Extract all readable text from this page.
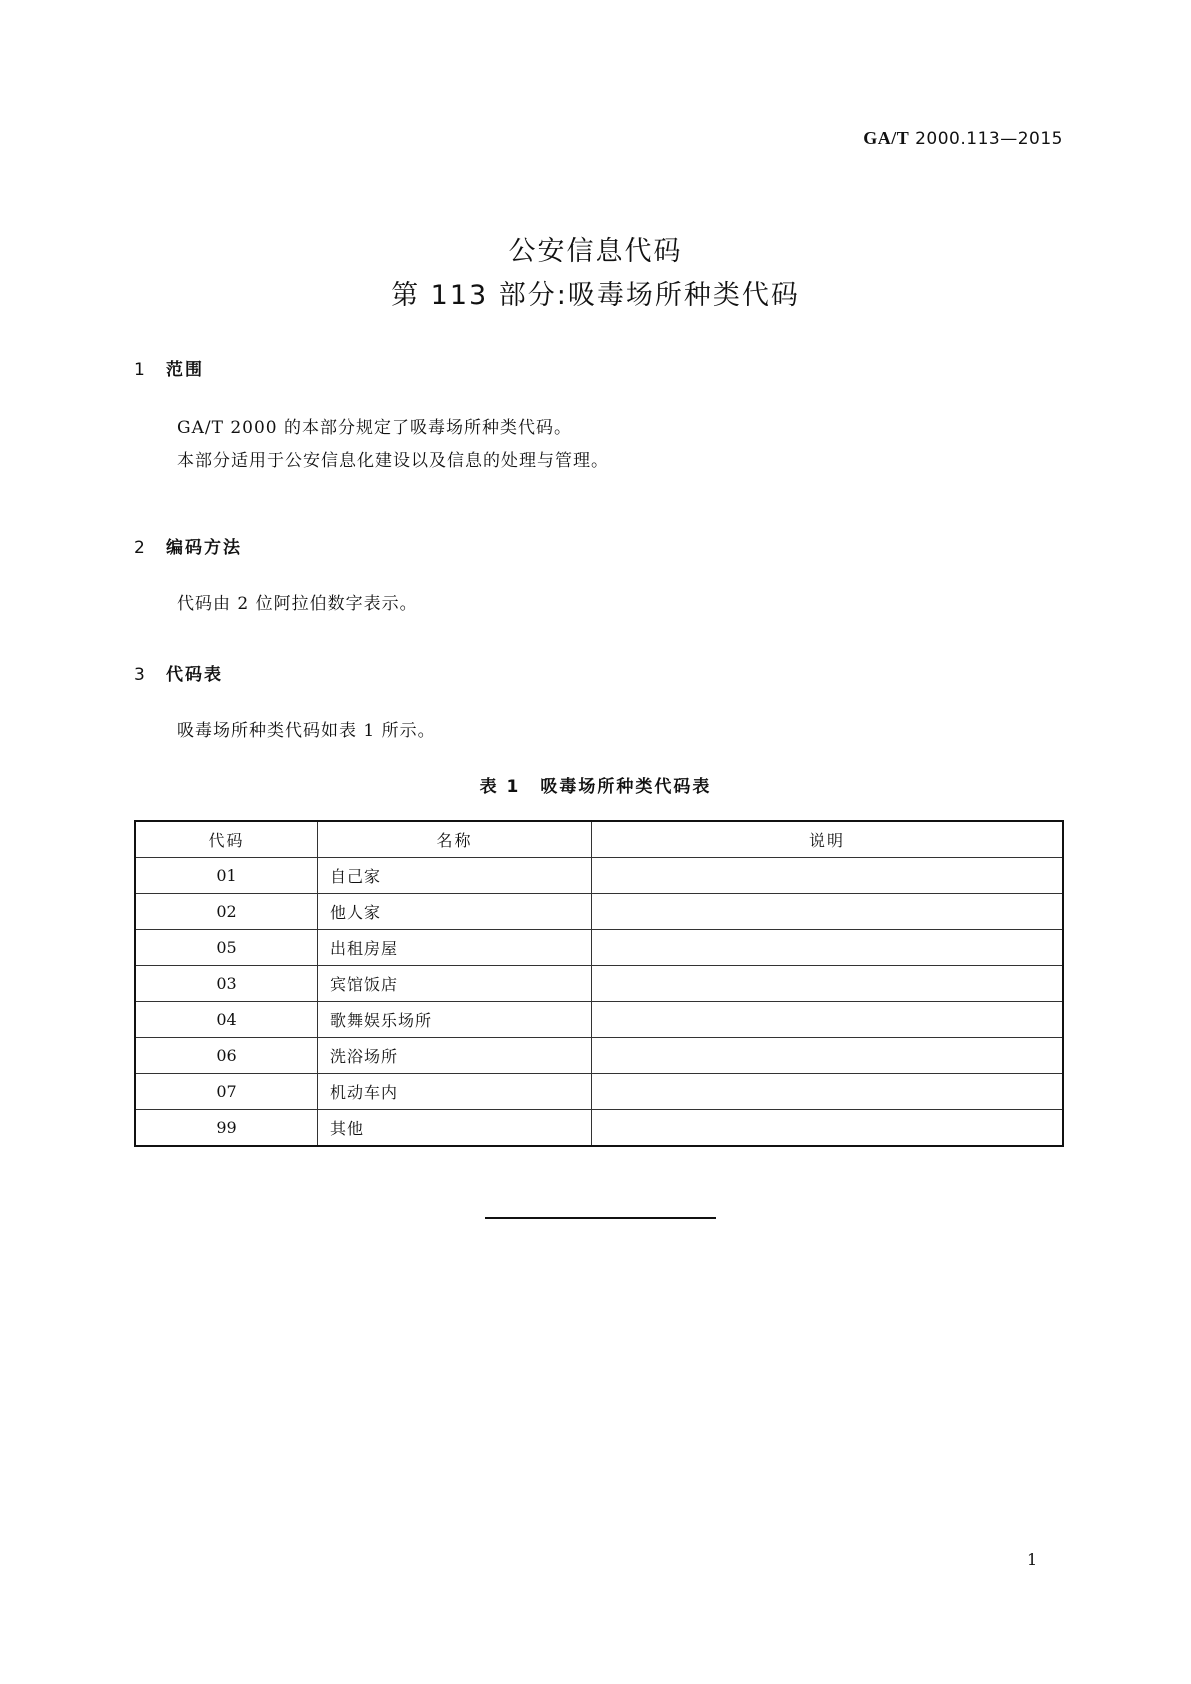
GA/T 2000.113—2015
公安信息代码
第 113 部分:吸毒场所种类代码
1 范围
GA/T 2000 的本部分规定了吸毒场所种类代码。
本部分适用于公安信息化建设以及信息的处理与管理。
2 编码方法
代码由 2 位阿拉伯数字表示。
3 代码表
吸毒场所种类代码如表 1 所示。
表 1 吸毒场所种类代码表
代码	名称	说明
01	自己家	
02	他人家	
05	出租房屋	
03	宾馆饭店	
04	歌舞娱乐场所	
06	洗浴场所	
07	机动车内	
99	其他	
1
